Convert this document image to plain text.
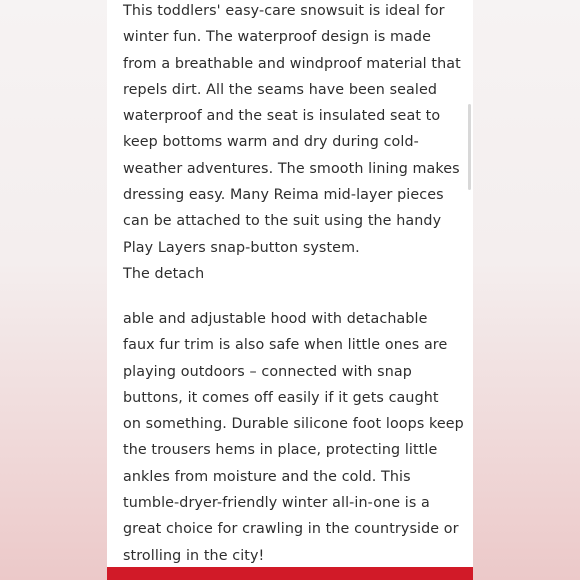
This toddlers' easy-care snowsuit is ideal for
winter fun. The waterproof design is made
from a breathable and windproof material that
repels dirt. All the seams have been sealed
waterproof and the seat is insulated seat to
keep bottoms warm and dry during cold-
weather adventures. The smooth lining makes
dressing easy. Many Reima mid-layer pieces
can be attached to the suit using the handy
Play Layers snap-button system.
The detach

able and adjustable hood with detachable
faux fur trim is also safe when little ones are
playing outdoors – connected with snap
buttons, it comes off easily if it gets caught
on something. Durable silicone foot loops keep
the trousers hems in place, protecting little
ankles from moisture and the cold. This
tumble-dryer-friendly winter all-in-one is a
great choice for crawling in the countryside or
strolling in the city!
